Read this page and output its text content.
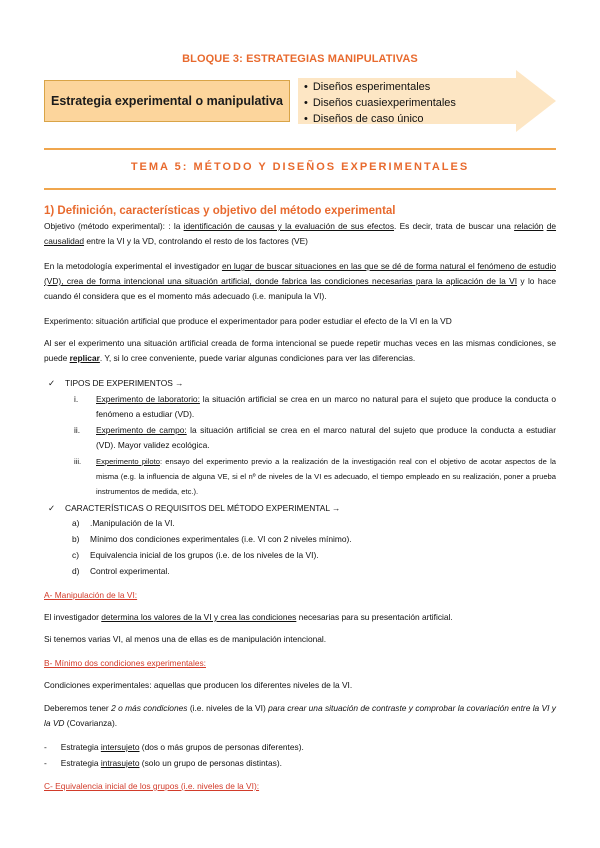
BLOQUE 3: ESTRATEGIAS MANIPULATIVAS
Estrategia experimental o manipulativa
• Diseños esperimentales
• Diseños cuasiexperimentales
• Diseños de caso único
TEMA 5: MÉTODO Y DISEÑOS EXPERIMENTALES
1) Definición, características y objetivo del método experimental
Objetivo (método experimental): : la identificación de causas y la evaluación de sus efectos. Es decir, trata de buscar una relación de causalidad entre la VI y la VD, controlando el resto de los factores (VE)
En la metodología experimental el investigador en lugar de buscar situaciones en las que se dé de forma natural el fenómeno de estudio (VD), crea de forma intencional una situación artificial, donde fabrica las condiciones necesarias para la aplicación de la VI y lo hace cuando él considera que es el momento más adecuado (i.e. manipula la VI).
Experimento: situación artificial que produce el experimentador para poder estudiar el efecto de la VI en la VD
Al ser el experimento una situación artificial creada de forma intencional se puede repetir muchas veces en las mismas condiciones, se puede replicar. Y, si lo cree conveniente, puede variar algunas condiciones para ver las diferencias.
✓ TIPOS DE EXPERIMENTOS →
i. Experimento de laboratorio: la situación artificial se crea en un marco no natural para el sujeto que produce la conducta o fenómeno a estudiar (VD).
ii. Experimento de campo: la situación artificial se crea en el marco natural del sujeto que produce la conducta a estudiar (VD). Mayor validez ecológica.
iii. Experimento piloto: ensayo del experimento previo a la realización de la investigación real con el objetivo de acotar aspectos de la misma (e.g. la influencia de alguna VE, si el nº de niveles de la VI es adecuado, el tiempo empleado en su realización, poner a prueba instrumentos de medida, etc.).
✓ CARACTERÍSTICAS O REQUISITOS DEL MÉTODO EXPERIMENTAL →
a) .Manipulación de la VI.
b) Mínimo dos condiciones experimentales (i.e. VI con 2 niveles mínimo).
c) Equivalencia inicial de los grupos (i.e. de los niveles de la VI).
d) Control experimental.
A- Manipulación de la VI:
El investigador determina los valores de la VI y crea las condiciones necesarias para su presentación artificial.
Si tenemos varias VI, al menos una de ellas es de manipulación intencional.
B- Mínimo dos condiciones experimentales:
Condiciones experimentales: aquellas que producen los diferentes niveles de la VI.
Deberemos tener 2 o más condiciones (i.e. niveles de la VI) para crear una situación de contraste y comprobar la covariación entre la VI y la VD (Covarianza).
- Estrategia intersujeto (dos o más grupos de personas diferentes).
- Estrategia intrasujeto (solo un grupo de personas distintas).
C- Equivalencia inicial de los grupos (i.e. niveles de la VI):
